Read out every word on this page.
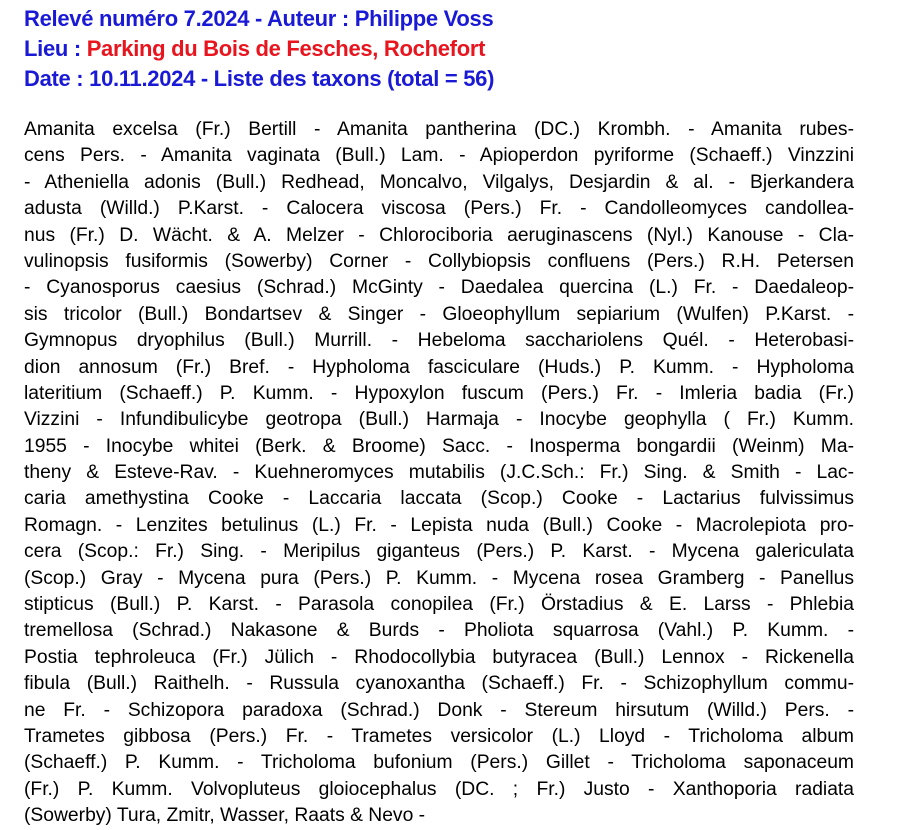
Relevé numéro 7.2024 - Auteur : Philippe Voss
Lieu : Parking du Bois de Fesches, Rochefort
Date : 10.11.2024 - Liste des taxons (total = 56)
Amanita excelsa (Fr.) Bertill - Amanita pantherina (DC.) Krombh. - Amanita rubes-
cens Pers. - Amanita vaginata (Bull.) Lam. - Apioperdon pyriforme (Schaeff.) Vinzzini
- Atheniella adonis (Bull.) Redhead, Moncalvo, Vilgalys, Desjardin & al. - Bjerkandera
adusta (Willd.) P.Karst. - Calocera viscosa (Pers.) Fr. - Candolleomyces candollea-
nus (Fr.) D. Wächt. & A. Melzer - Chlorociboria aeruginascens (Nyl.) Kanouse - Cla-
vulinopsis fusiformis (Sowerby) Corner - Collybiopsis confluens (Pers.) R.H. Petersen
- Cyanosporus caesius (Schrad.) McGinty - Daedalea quercina (L.) Fr. - Daedaleop-
sis tricolor (Bull.) Bondartsev & Singer - Gloeophyllum sepiarium (Wulfen) P.Karst. -
Gymnopus dryophilus (Bull.) Murrill. - Hebeloma sacchariolens Quél. - Heterobasi-
dion annosum (Fr.) Bref. - Hypholoma fasciculare (Huds.) P. Kumm. - Hypholoma
lateritium (Schaeff.) P. Kumm. - Hypoxylon fuscum (Pers.) Fr. - Imleria badia (Fr.)
Vizzini - Infundibulicybe geotropa (Bull.) Harmaja - Inocybe geophylla ( Fr.) Kumm.
1955 - Inocybe whitei (Berk. & Broome) Sacc. - Inosperma bongardii (Weinm) Ma-
theny & Esteve-Rav. - Kuehneromyces mutabilis (J.C.Sch.: Fr.) Sing. & Smith - Lac-
caria amethystina Cooke - Laccaria laccata (Scop.) Cooke - Lactarius fulvissimus
Romagn. - Lenzites betulinus (L.) Fr. - Lepista nuda (Bull.) Cooke - Macrolepiota pro-
cera (Scop.: Fr.) Sing. - Meripilus giganteus (Pers.) P. Karst. - Mycena galericulata
(Scop.) Gray - Mycena pura (Pers.) P. Kumm. - Mycena rosea Gramberg - Panellus
stipticus (Bull.) P. Karst. - Parasola conopilea (Fr.) Örstadius & E. Larss - Phlebia
tremellosa (Schrad.) Nakasone & Burds - Pholiota squarrosa (Vahl.) P. Kumm. -
Postia tephroleuca (Fr.) Jülich - Rhodocollybia butyracea (Bull.) Lennox - Rickenella
fibula (Bull.) Raithelh. - Russula cyanoxantha (Schaeff.) Fr. - Schizophyllum commu-
ne Fr. - Schizopora paradoxa (Schrad.) Donk - Stereum hirsutum (Willd.) Pers. -
Trametes gibbosa (Pers.) Fr. - Trametes versicolor (L.) Lloyd - Tricholoma album
(Schaeff.) P. Kumm. - Tricholoma bufonium (Pers.) Gillet - Tricholoma saponaceum
(Fr.) P. Kumm. Volvopluteus gloiocephalus (DC. ; Fr.) Justo - Xanthoporia radiata
(Sowerby) Tura, Zmitr, Wasser, Raats & Nevo -
